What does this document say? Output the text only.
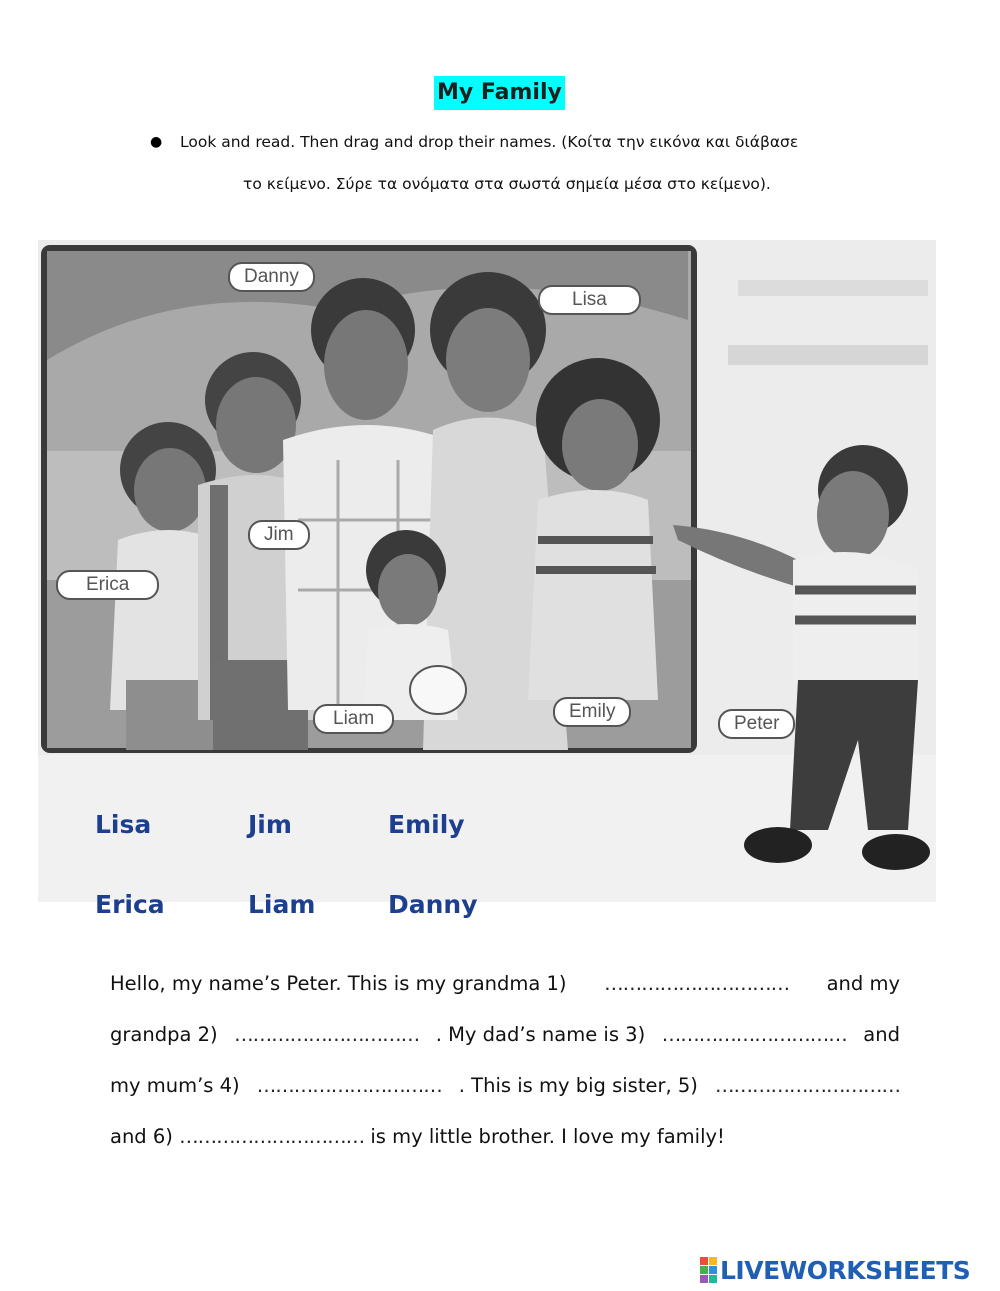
My Family
● Look and read. Then drag and drop their names. (Κοίτα την εικόνα και διάβασε
το κείμενο. Σύρε τα ονόματα στα σωστά σημεία μέσα στο κείμενο).
Danny
Lisa
Jim
Erica
Liam	Emily
Peter
Lisa	Jim	Emily
Erica	Liam	Danny
Hello, my name’s Peter. This is my grandma 1) ………………………… and my
grandpa 2) ………………………… . My dad’s name is 3) ………………………… and
my mum’s 4) ………………………… . This is my big sister, 5) …………………………
and 6)
…………………………
is my little brother. I love my family!
LIVEWORKSHEETS
